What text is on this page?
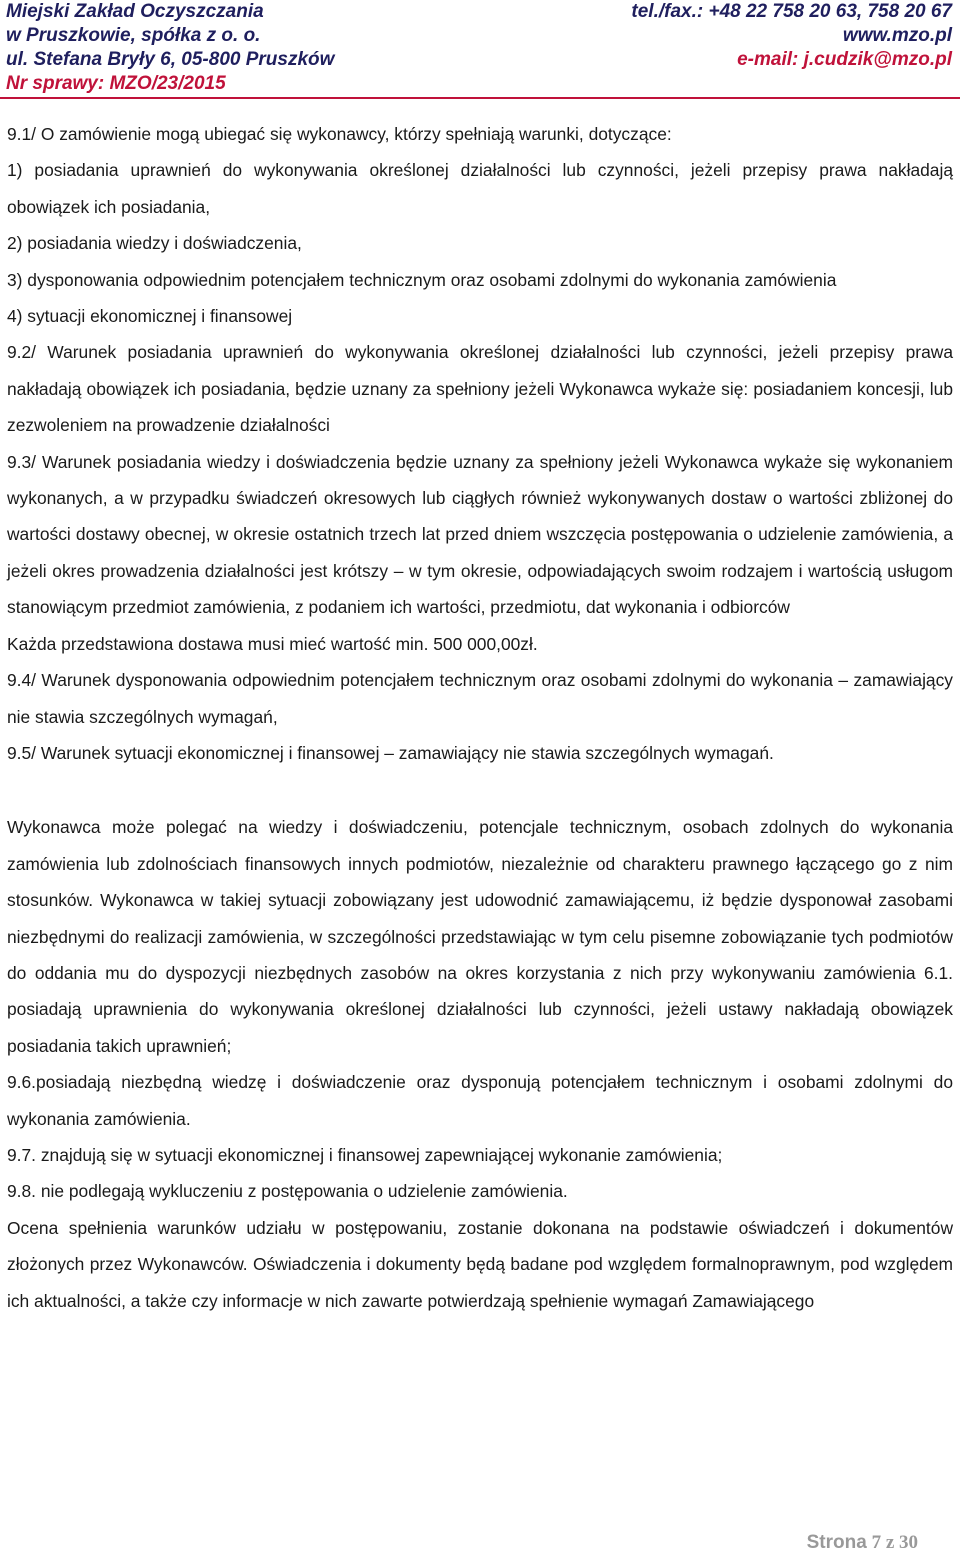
Miejski Zakład Oczyszczania
w Pruszkowie, spółka z o. o.
ul. Stefana Bryły 6, 05-800 Pruszków
Nr sprawy: MZO/23/2015
tel./fax.: +48 22 758 20 63, 758 20 67
www.mzo.pl
e-mail: j.cudzik@mzo.pl

9.1/ O zamówienie mogą ubiegać się wykonawcy, którzy spełniają warunki, dotyczące:

1) posiadania uprawnień do wykonywania określonej działalności lub czynności, jeżeli przepisy prawa nakładają obowiązek ich posiadania,

2) posiadania wiedzy i doświadczenia,

3) dysponowania odpowiednim potencjałem technicznym oraz osobami zdolnymi do wykonania zamówienia

4) sytuacji ekonomicznej i finansowej

9.2/ Warunek posiadania uprawnień do wykonywania określonej działalności lub czynności, jeżeli przepisy prawa nakładają obowiązek ich posiadania, będzie uznany za spełniony jeżeli Wykonawca wykaże się: posiadaniem koncesji, lub zezwoleniem na prowadzenie działalności

9.3/ Warunek posiadania wiedzy i doświadczenia będzie uznany za spełniony jeżeli Wykonawca wykaże się wykonaniem wykonanych, a w przypadku świadczeń okresowych lub ciągłych również wykonywanych dostaw o wartości zbliżonej do wartości dostawy obecnej, w okresie ostatnich trzech lat przed dniem wszczęcia postępowania o udzielenie zamówienia, a jeżeli okres prowadzenia działalności jest krótszy – w tym okresie, odpowiadających swoim rodzajem i wartością usługom stanowiącym przedmiot zamówienia, z podaniem ich wartości, przedmiotu, dat wykonania i odbiorców

Każda przedstawiona dostawa musi mieć wartość min. 500 000,00zł.

9.4/ Warunek dysponowania odpowiednim potencjałem technicznym oraz osobami zdolnymi do wykonania – zamawiający nie stawia szczególnych wymagań,

9.5/ Warunek sytuacji ekonomicznej i finansowej – zamawiający nie stawia szczególnych wymagań.

Wykonawca może polegać na wiedzy i doświadczeniu, potencjale technicznym, osobach zdolnych do wykonania zamówienia lub zdolnościach finansowych innych podmiotów, niezależnie od charakteru prawnego łączącego go z nim stosunków. Wykonawca w takiej sytuacji zobowiązany jest udowodnić zamawiającemu, iż będzie dysponował zasobami niezbędnymi do realizacji zamówienia, w szczególności przedstawiając w tym celu pisemne zobowiązanie tych podmiotów do oddania mu do dyspozycji niezbędnych zasobów na okres korzystania z nich przy wykonywaniu zamówienia 6.1. posiadają uprawnienia do wykonywania określonej działalności lub czynności, jeżeli ustawy nakładają obowiązek posiadania takich uprawnień;

9.6.posiadają niezbędną wiedzę i doświadczenie oraz dysponują potencjałem technicznym i osobami zdolnymi do wykonania zamówienia.

9.7. znajdują się w sytuacji ekonomicznej i finansowej zapewniającej wykonanie zamówienia;

9.8. nie podlegają wykluczeniu z postępowania o udzielenie zamówienia.

Ocena spełnienia warunków udziału w postępowaniu, zostanie dokonana na podstawie oświadczeń i dokumentów złożonych przez Wykonawców. Oświadczenia i dokumenty będą badane pod względem formalnoprawnym, pod względem ich aktualności, a także czy informacje w nich zawarte potwierdzają spełnienie wymagań Zamawiającego

Strona 7 z 30
